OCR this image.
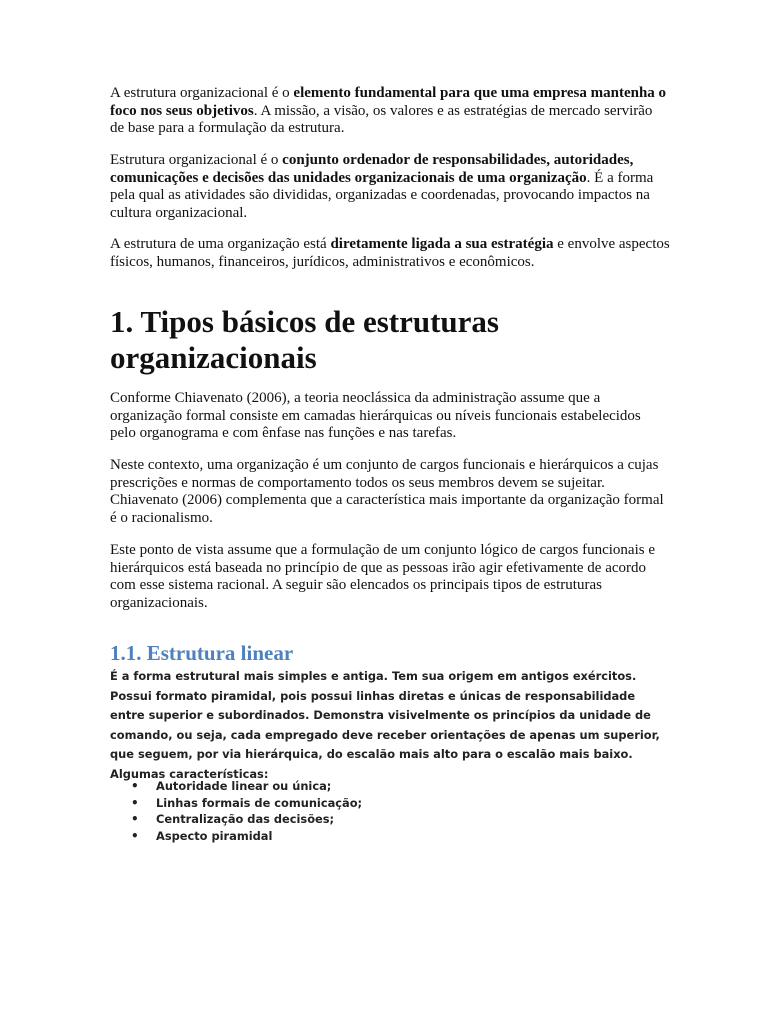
A estrutura organizacional é o elemento fundamental para que uma empresa mantenha o foco nos seus objetivos. A missão, a visão, os valores e as estratégias de mercado servirão de base para a formulação da estrutura.

Estrutura organizacional é o conjunto ordenador de responsabilidades, autoridades, comunicações e decisões das unidades organizacionais de uma organização. É a forma pela qual as atividades são divididas, organizadas e coordenadas, provocando impactos na cultura organizacional.

A estrutura de uma organização está diretamente ligada a sua estratégia e envolve aspectos físicos, humanos, financeiros, jurídicos, administrativos e econômicos.

1. Tipos básicos de estruturas organizacionais

Conforme Chiavenato (2006), a teoria neoclássica da administração assume que a organização formal consiste em camadas hierárquicas ou níveis funcionais estabelecidos pelo organograma e com ênfase nas funções e nas tarefas.

Neste contexto, uma organização é um conjunto de cargos funcionais e hierárquicos a cujas prescrições e normas de comportamento todos os seus membros devem se sujeitar. Chiavenato (2006) complementa que a característica mais importante da organização formal é o racionalismo.

Este ponto de vista assume que a formulação de um conjunto lógico de cargos funcionais e hierárquicos está baseada no princípio de que as pessoas irão agir efetivamente de acordo com esse sistema racional. A seguir são elencados os principais tipos de estruturas organizacionais.

1.1. Estrutura linear

É a forma estrutural mais simples e antiga. Tem sua origem em antigos exércitos. Possui formato piramidal, pois possui linhas diretas e únicas de responsabilidade entre superior e subordinados. Demonstra visivelmente os princípios da unidade de comando, ou seja, cada empregado deve receber orientações de apenas um superior, que seguem, por via hierárquica, do escalão mais alto para o escalão mais baixo. Algumas características:

• Autoridade linear ou única;
• Linhas formais de comunicação;
• Centralização das decisões;
• Aspecto piramidal
